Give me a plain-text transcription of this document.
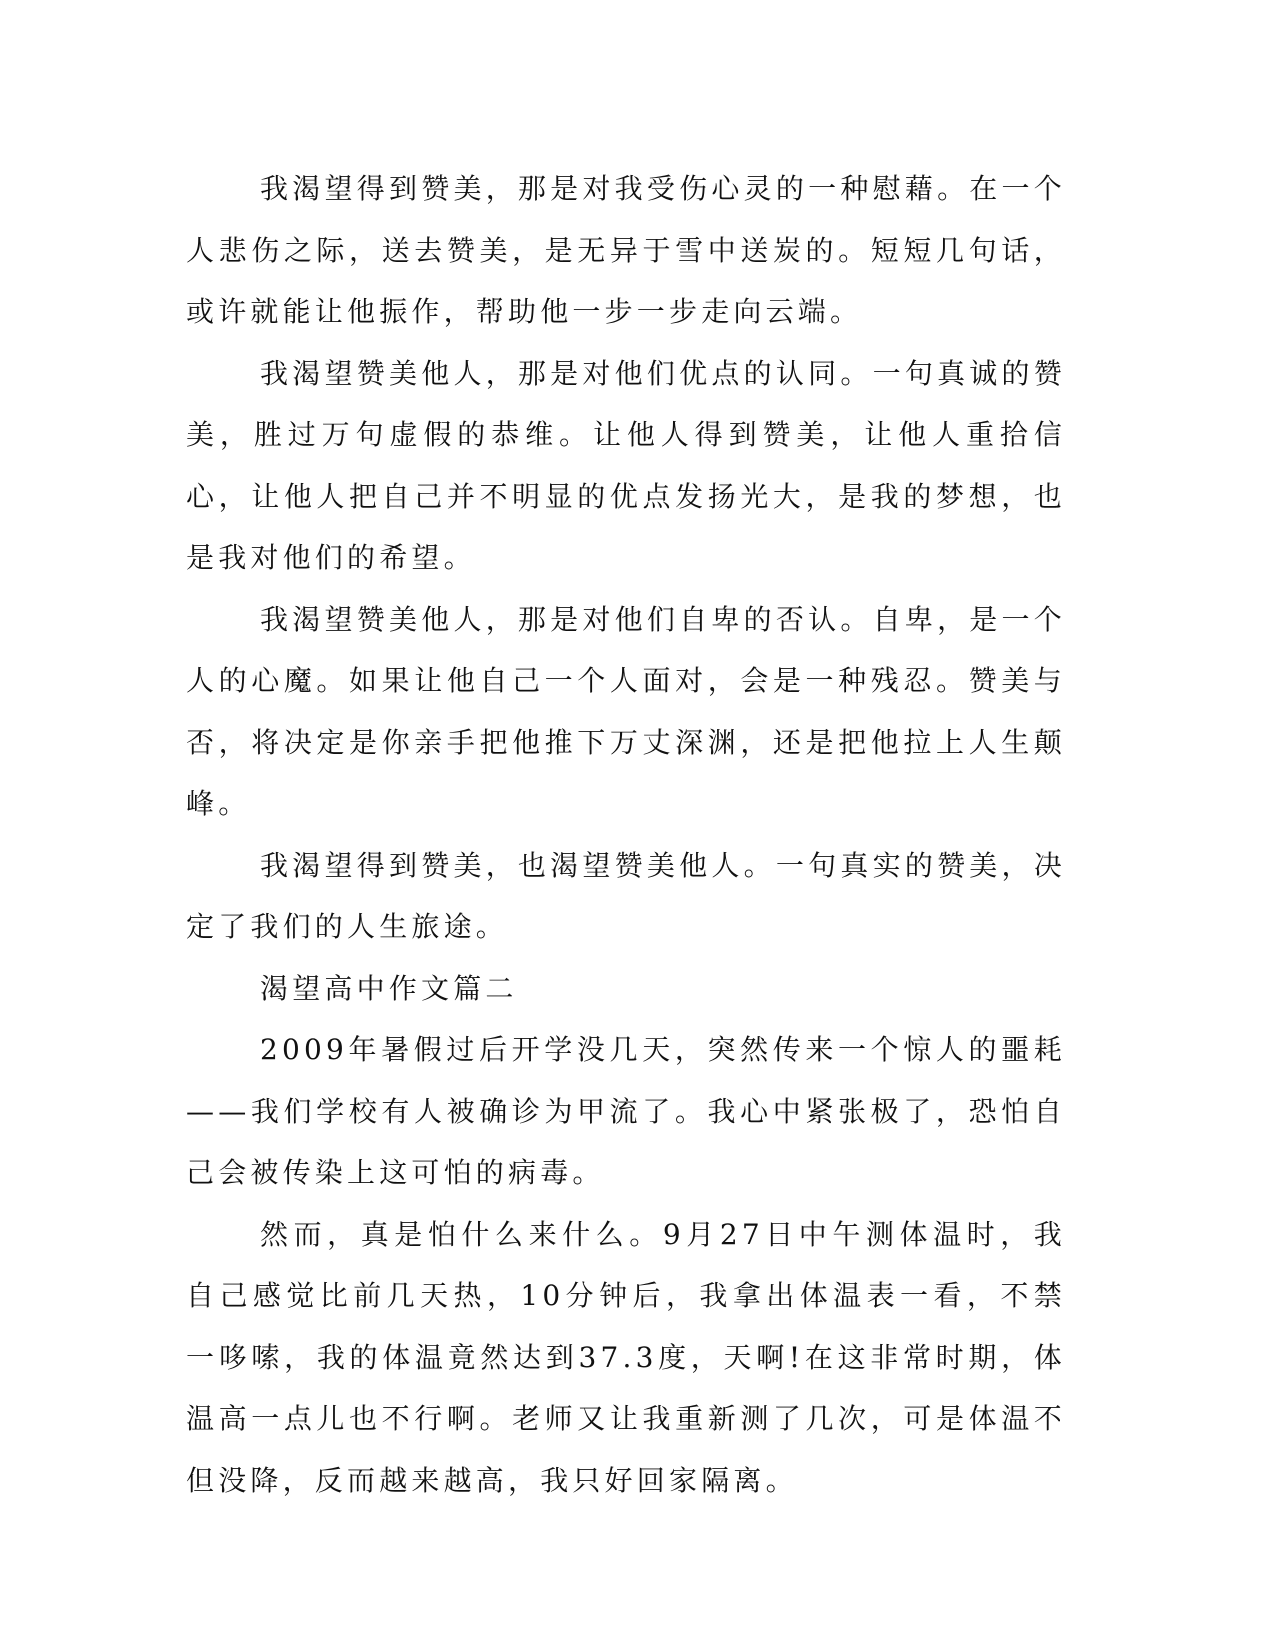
我渴望得到赞美，那是对我受伤心灵的一种慰藉。在一个人悲伤之际，送去赞美，是无异于雪中送炭的。短短几句话，或许就能让他振作，帮助他一步一步走向云端。

我渴望赞美他人，那是对他们优点的认同。一句真诚的赞美，胜过万句虚假的恭维。让他人得到赞美，让他人重拾信心，让他人把自己并不明显的优点发扬光大，是我的梦想，也是我对他们的希望。

我渴望赞美他人，那是对他们自卑的否认。自卑，是一个人的心魔。如果让他自己一个人面对，会是一种残忍。赞美与否，将决定是你亲手把他推下万丈深渊，还是把他拉上人生颠峰。

我渴望得到赞美，也渴望赞美他人。一句真实的赞美，决定了我们的人生旅途。

渴望高中作文篇二

2009年暑假过后开学没几天，突然传来一个惊人的噩耗——我们学校有人被确诊为甲流了。我心中紧张极了，恐怕自己会被传染上这可怕的病毒。

然而，真是怕什么来什么。9月27日中午测体温时，我自己感觉比前几天热，10分钟后，我拿出体温表一看，不禁一哆嗦，我的体温竟然达到37.3度，天啊!在这非常时期，体温高一点儿也不行啊。老师又让我重新测了几次，可是体温不但没降，反而越来越高，我只好回家隔离。
